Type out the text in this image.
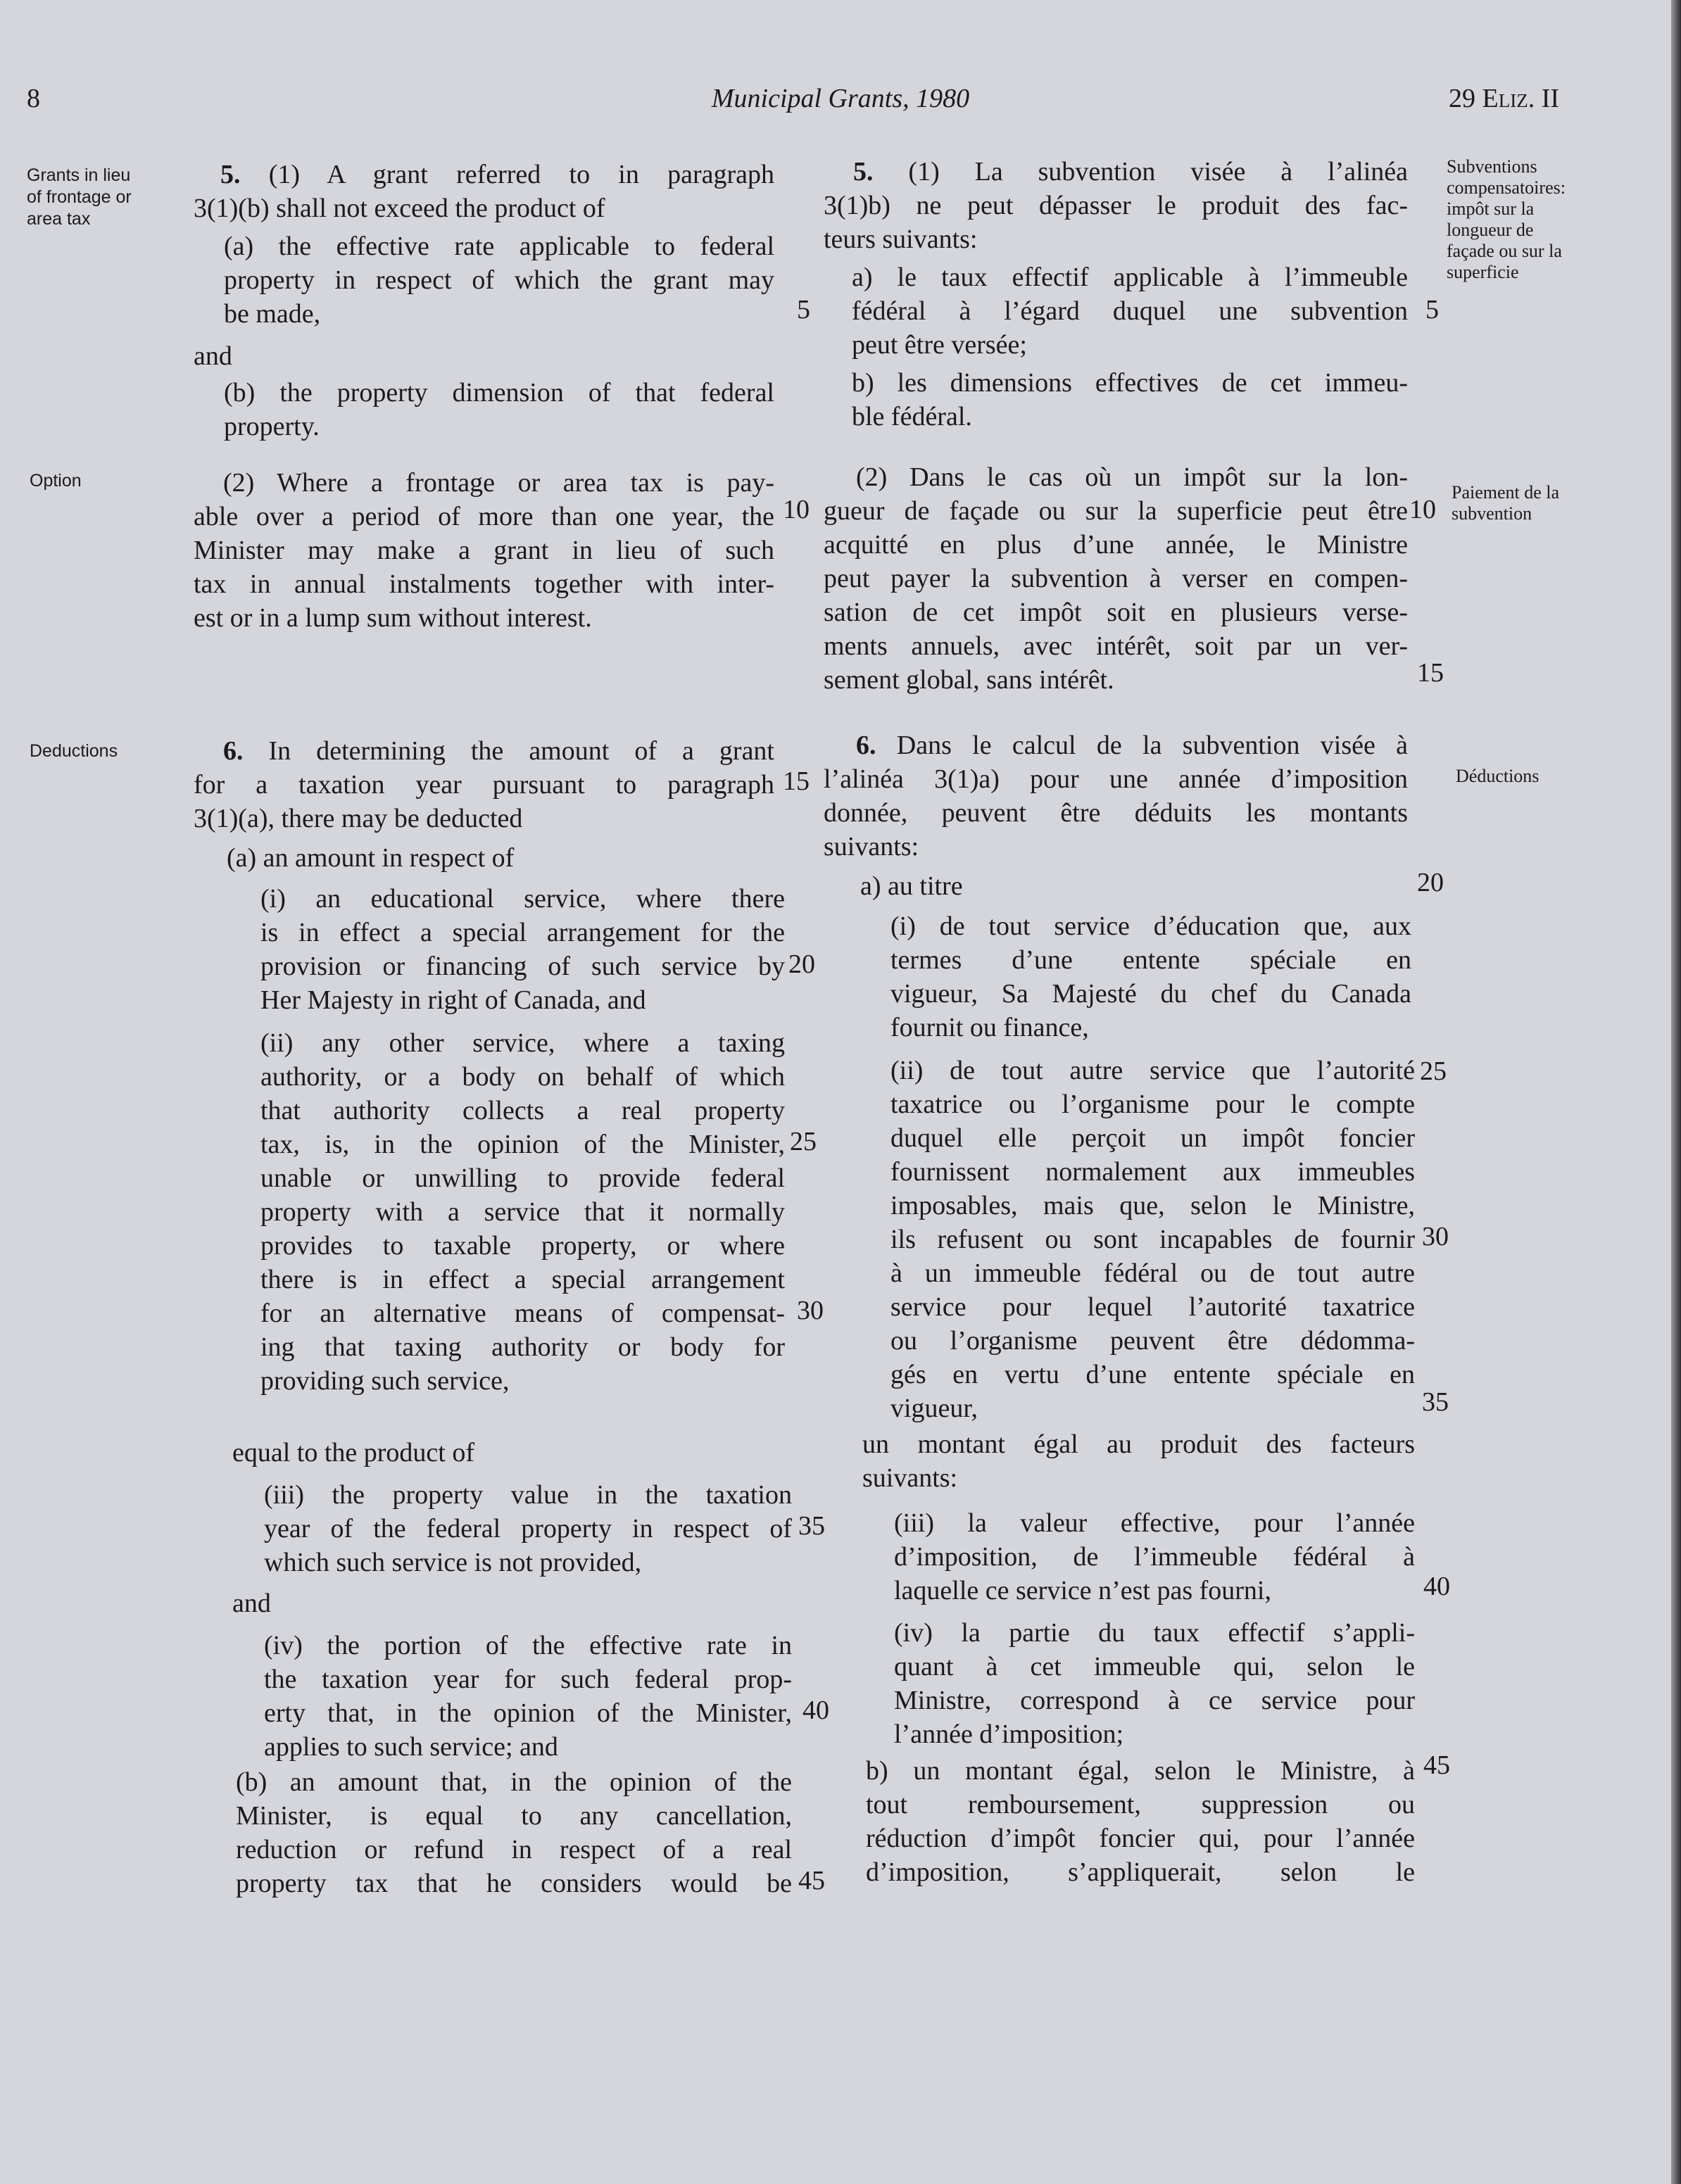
8	Municipal Grants, 1980	29 Eliz. II
Grants in lieu
of frontage or
area tax
Option
Deductions
Subventions
compensatoires:
impôt sur la
longueur de
façade ou sur la
superficie
Paiement de la
subvention
Déductions
5
10
15
20
25
30
35
40
45
5
10
15
20
25
30
35
40
45

5. (1) A grant referred to in paragraph

3(1)(b) shall not exceed the product of

(a) the effective rate applicable to federal

property in respect of which the grant may

be made,

and

(b) the property dimension of that federal

property.

(2) Where a frontage or area tax is pay-

able over a period of more than one year, the

Minister may make a grant in lieu of such

tax in annual instalments together with inter-

est or in a lump sum without interest.

6. In determining the amount of a grant

for a taxation year pursuant to paragraph

3(1)(a), there may be deducted

(a) an amount in respect of

(i) an educational service, where there

is in effect a special arrangement for the

provision or financing of such service by

Her Majesty in right of Canada, and

(ii) any other service, where a taxing

authority, or a body on behalf of which

that authority collects a real property

tax, is, in the opinion of the Minister,

unable or unwilling to provide federal

property with a service that it normally

provides to taxable property, or where

there is in effect a special arrangement

for an alternative means of compensat-

ing that taxing authority or body for

providing such service,

equal to the product of

(iii) the property value in the taxation

year of the federal property in respect of

which such service is not provided,

and

(iv) the portion of the effective rate in

the taxation year for such federal prop-

erty that, in the opinion of the Minister,

applies to such service; and

(b) an amount that, in the opinion of the

Minister, is equal to any cancellation,

reduction or refund in respect of a real

property tax that he considers would be

5. (1) La subvention visée à l’alinéa

3(1)b) ne peut dépasser le produit des fac-

teurs suivants:

a) le taux effectif applicable à l’immeuble

fédéral à l’égard duquel une subvention

peut être versée;

b) les dimensions effectives de cet immeu-

ble fédéral.

(2) Dans le cas où un impôt sur la lon-

gueur de façade ou sur la superficie peut être

acquitté en plus d’une année, le Ministre

peut payer la subvention à verser en compen-

sation de cet impôt soit en plusieurs verse-

ments annuels, avec intérêt, soit par un ver-

sement global, sans intérêt.

6. Dans le calcul de la subvention visée à

l’alinéa 3(1)a) pour une année d’imposition

donnée, peuvent être déduits les montants

suivants:

a) au titre

(i) de tout service d’éducation que, aux

termes d’une entente spéciale en

vigueur, Sa Majesté du chef du Canada

fournit ou finance,

(ii) de tout autre service que l’autorité

taxatrice ou l’organisme pour le compte

duquel elle perçoit un impôt foncier

fournissent normalement aux immeubles

imposables, mais que, selon le Ministre,

ils refusent ou sont incapables de fournir

à un immeuble fédéral ou de tout autre

service pour lequel l’autorité taxatrice

ou l’organisme peuvent être dédomma-

gés en vertu d’une entente spéciale en

vigueur,

un montant égal au produit des facteurs

suivants:

(iii) la valeur effective, pour l’année

d’imposition, de l’immeuble fédéral à

laquelle ce service n’est pas fourni,

(iv) la partie du taux effectif s’appli-

quant à cet immeuble qui, selon le

Ministre, correspond à ce service pour

l’année d’imposition;

b) un montant égal, selon le Ministre, à

tout remboursement, suppression ou

réduction d’impôt foncier qui, pour l’année

d’imposition, s’appliquerait, selon le
